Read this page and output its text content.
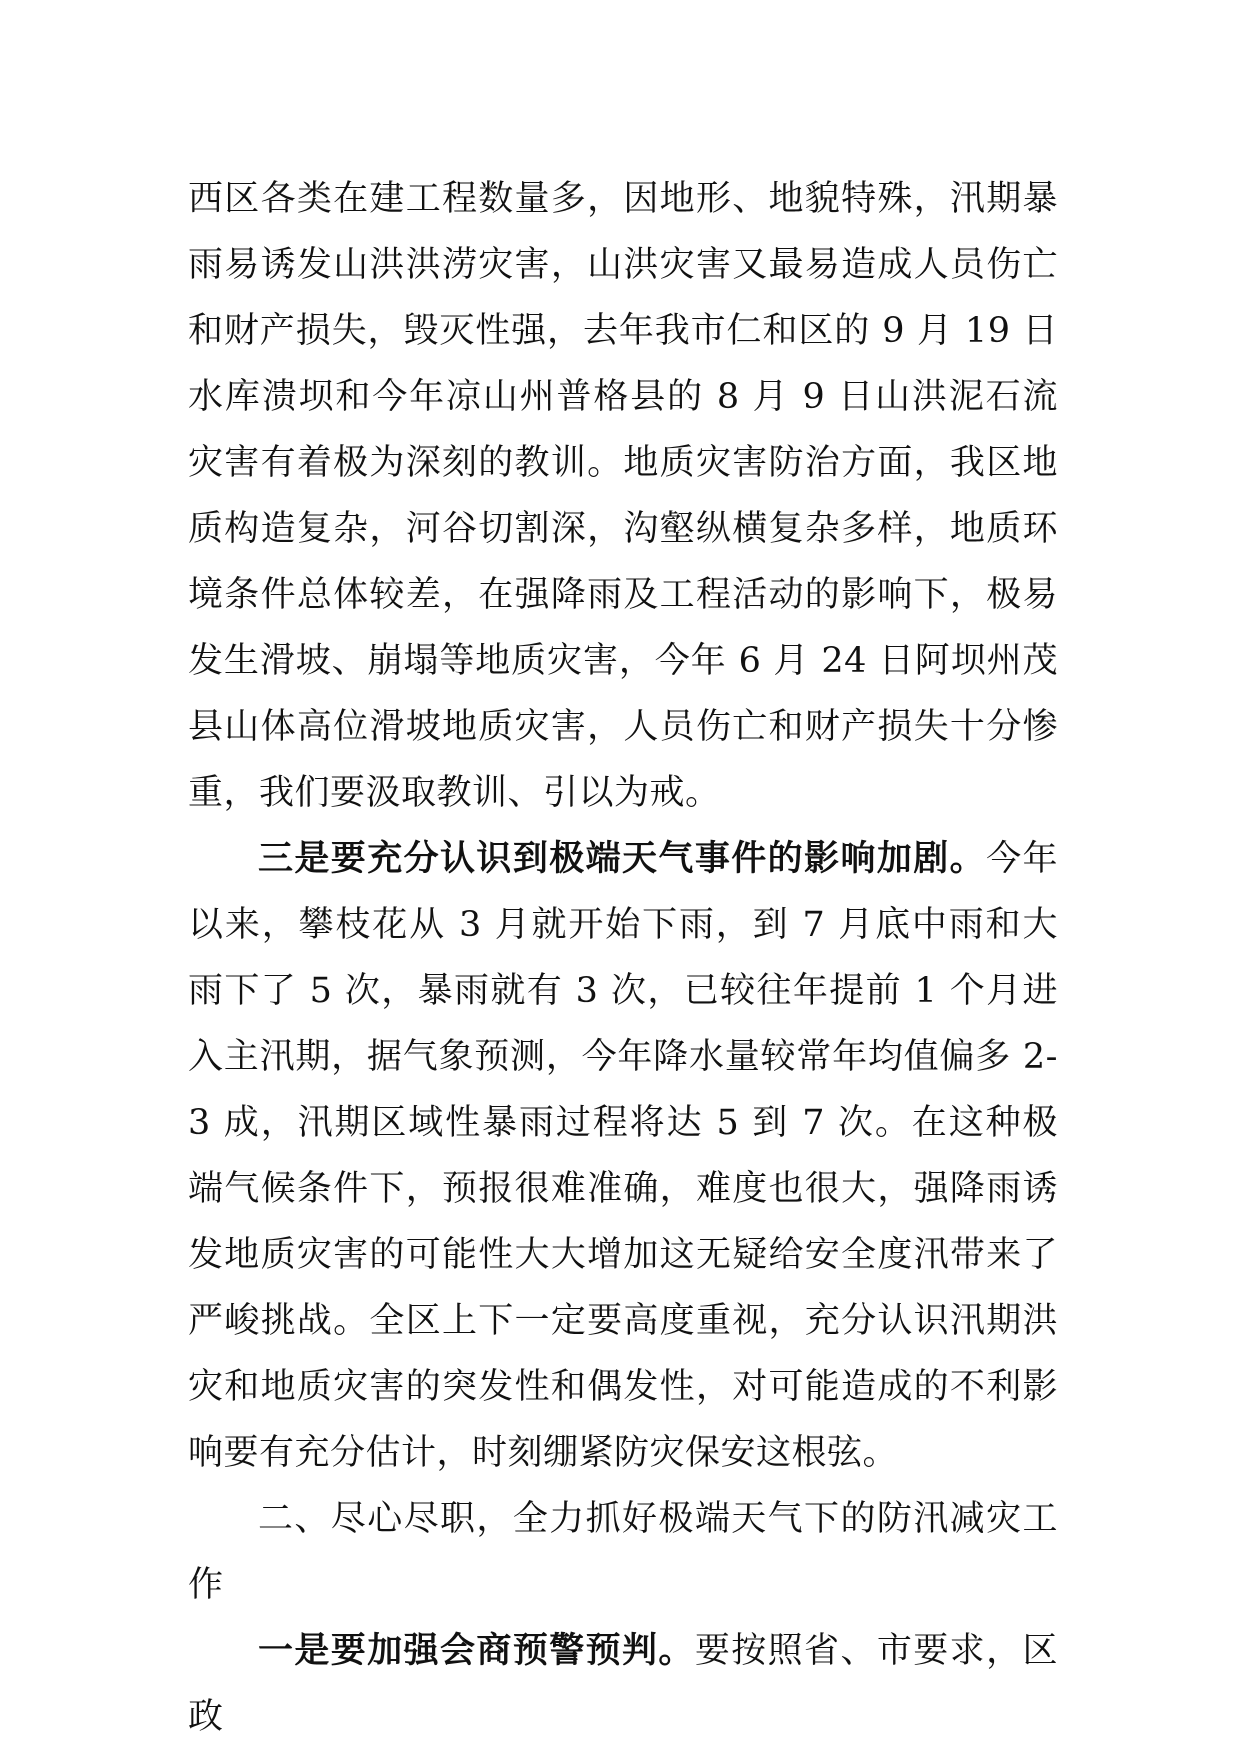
西区各类在建工程数量多，因地形、地貌特殊，汛期暴雨易诱发山洪洪涝灾害，山洪灾害又最易造成人员伤亡和财产损失，毁灭性强，去年我市仁和区的 9 月 19 日水库溃坝和今年凉山州普格县的 8 月 9 日山洪泥石流灾害有着极为深刻的教训。地质灾害防治方面，我区地质构造复杂，河谷切割深，沟壑纵横复杂多样，地质环境条件总体较差，在强降雨及工程活动的影响下，极易发生滑坡、崩塌等地质灾害，今年 6 月 24 日阿坝州茂县山体高位滑坡地质灾害，人员伤亡和财产损失十分惨重，我们要汲取教训、引以为戒。

三是要充分认识到极端天气事件的影响加剧。今年以来，攀枝花从 3 月就开始下雨，到 7 月底中雨和大雨下了 5 次，暴雨就有 3 次，已较往年提前 1 个月进入主汛期，据气象预测，今年降水量较常年均值偏多 2-3 成，汛期区域性暴雨过程将达 5 到 7 次。在这种极端气候条件下，预报很难准确，难度也很大，强降雨诱发地质灾害的可能性大大增加这无疑给安全度汛带来了严峻挑战。全区上下一定要高度重视，充分认识汛期洪灾和地质灾害的突发性和偶发性，对可能造成的不利影响要有充分估计，时刻绷紧防灾保安这根弦。

二、尽心尽职，全力抓好极端天气下的防汛减灾工作

一是要加强会商预警预判。要按照省、市要求，区政
